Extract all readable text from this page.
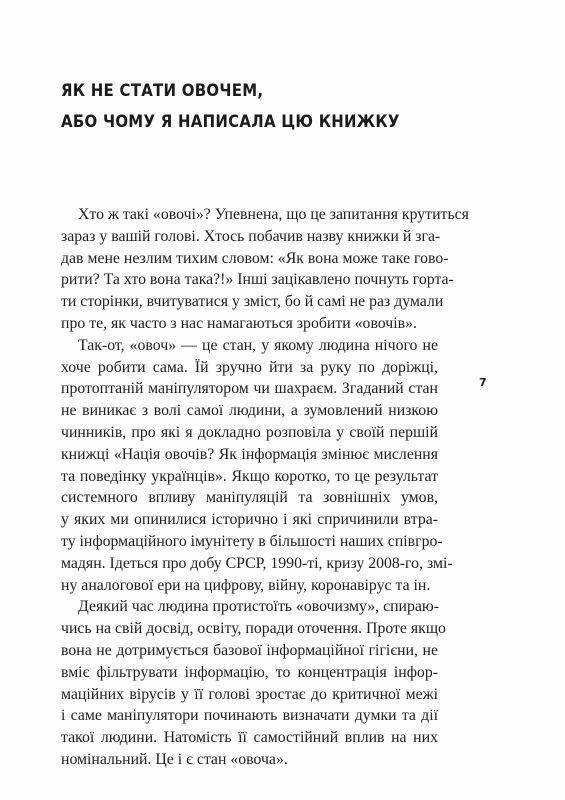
ЯК НЕ СТАТИ ОВОЧЕМ,
АБО ЧОМУ Я НАПИСАЛА ЦЮ КНИЖКУ

Хто ж такі «овочі»? Упевнена, що це запитання крутиться
зараз у вашій голові. Хтось побачив назву книжки й зга-
дав мене незлим тихим словом: «Як вона може таке гово-
рити? Та хто вона така?!» Інші зацікавлено почнуть горта-
ти сторінки, вчитуватися у зміст, бо й самі не раз думали
про те, як часто з нас намагаються зробити «овочів».

Так-от, «овоч» — це стан, у якому людина нічого не
хоче робити сама. Їй зручно йти за руку по доріжці,
протоптаній маніпулятором чи шахраєм. Згаданий стан
не виникає з волі самої людини, а зумовлений низкою
чинників, про які я докладно розповіла у своїй першій
книжці «Нація овочів? Як інформація змінює мислення
та поведінку українців». Якщо коротко, то це результат
системного впливу маніпуляцій та зовнішніх умов,
у яких ми опинилися історично і які спричинили втра-
ту інформаційного імунітету в більшості наших співгро-
мадян. Ідеться про добу СРСР, 1990-ті, кризу 2008-го, змі-
ну аналогової ери на цифрову, війну, коронавірус та ін.

Деякий час людина протистоїть «овочизму», спираю-
чись на свій досвід, освіту, поради оточення. Проте якщо
вона не дотримується базової інформаційної гігієни, не
вміє фільтрувати інформацію, то концентрація інфор-
маційних вірусів у її голові зростає до критичної межі
і саме маніпулятори починають визначати думки та дії
такої людини. Натомість її самостійний вплив на них
номінальний. Це і є стан «овоча».

7
